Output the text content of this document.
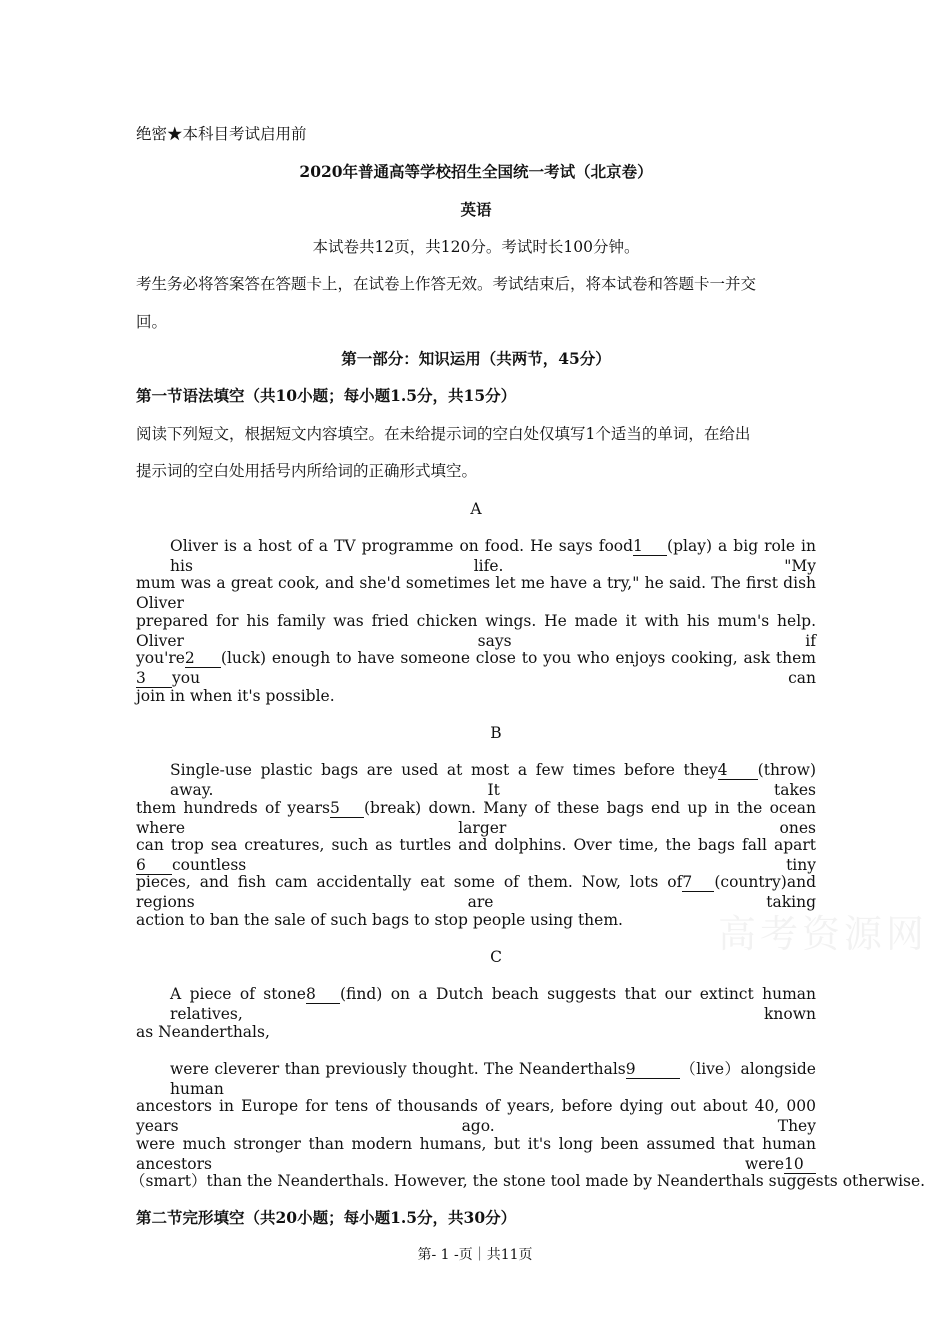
高考资源网
绝密★本科目考试启用前
2020年普通高等学校招生全国统一考试（北京卷）
英语
本试卷共12页，共120分。考试时长100分钟。
考生务必将答案答在答题卡上，在试卷上作答无效。考试结束后，将本试卷和答题卡一并交
回。
第一部分：知识运用（共两节，45分）
第一节语法填空（共10小题；每小题1.5分，共15分）
阅读下列短文，根据短文内容填空。在未给提示词的空白处仅填写1个适当的单词，在给出
提示词的空白处用括号内所给词的正确形式填空。
A
Oliver is a host of a TV programme on food. He says food1 (play) a big role in his life. "My
mum was a great cook, and she'd sometimes let me have a try," he said. The first dish Oliver
prepared for his family was fried chicken wings. He made it with his mum's help. Oliver says if
you're2 (luck) enough to have someone close to you who enjoys cooking, ask them3 you can
join in when it's possible.
B
Single-use plastic bags are used at most a few times before they4 (throw) away. It takes
them hundreds of years5 (break) down. Many of these bags end up in the ocean where larger ones
can trop sea creatures, such as turtles and dolphins. Over time, the bags fall apart6 countless tiny
pieces, and fish cam accidentally eat some of them. Now, lots of7 (country)and regions are taking
action to ban the sale of such bags to stop people using them.
C
A piece of stone8 (find) on a Dutch beach suggests that our extinct human relatives, known
as Neanderthals,
were cleverer than previously thought. The Neanderthals9	（live）alongside human
ancestors in Europe for tens of thousands of years, before dying out about 40, 000 years ago. They
were much stronger than modern humans, but it's long been assumed that human ancestors were10
（smart）than the Neanderthals. However, the stone tool made by Neanderthals suggests otherwise.
第二节完形填空（共20小题；每小题1.5分，共30分）
第- 1 -页｜共11页
